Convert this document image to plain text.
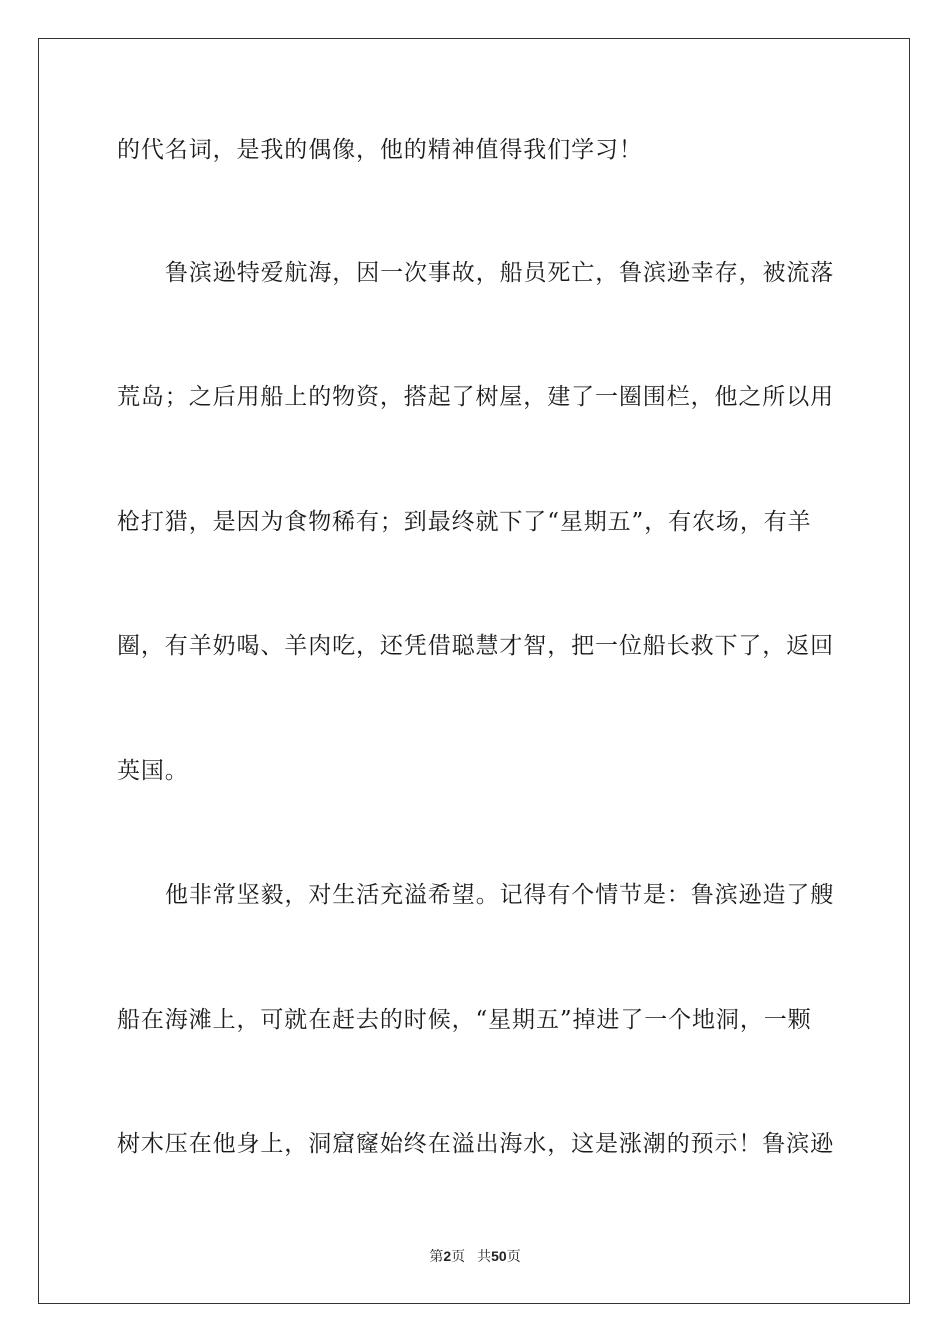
的代名词，是我的偶像，他的精神值得我们学习！
鲁滨逊特爱航海，因一次事故，船员死亡，鲁滨逊幸存，被流落
荒岛；之后用船上的物资，搭起了树屋，建了一圈围栏，他之所以用
枪打猎，是因为食物稀有；到最终就下了“星期五”，有农场，有羊
圈，有羊奶喝、羊肉吃，还凭借聪慧才智，把一位船长救下了，返回
英国。
他非常坚毅，对生活充溢希望。记得有个情节是：鲁滨逊造了艘
船在海滩上，可就在赶去的时候，“星期五”掉进了一个地洞，一颗
树木压在他身上，洞窟窿始终在溢出海水，这是涨潮的预示！鲁滨逊
第2页 共50页
